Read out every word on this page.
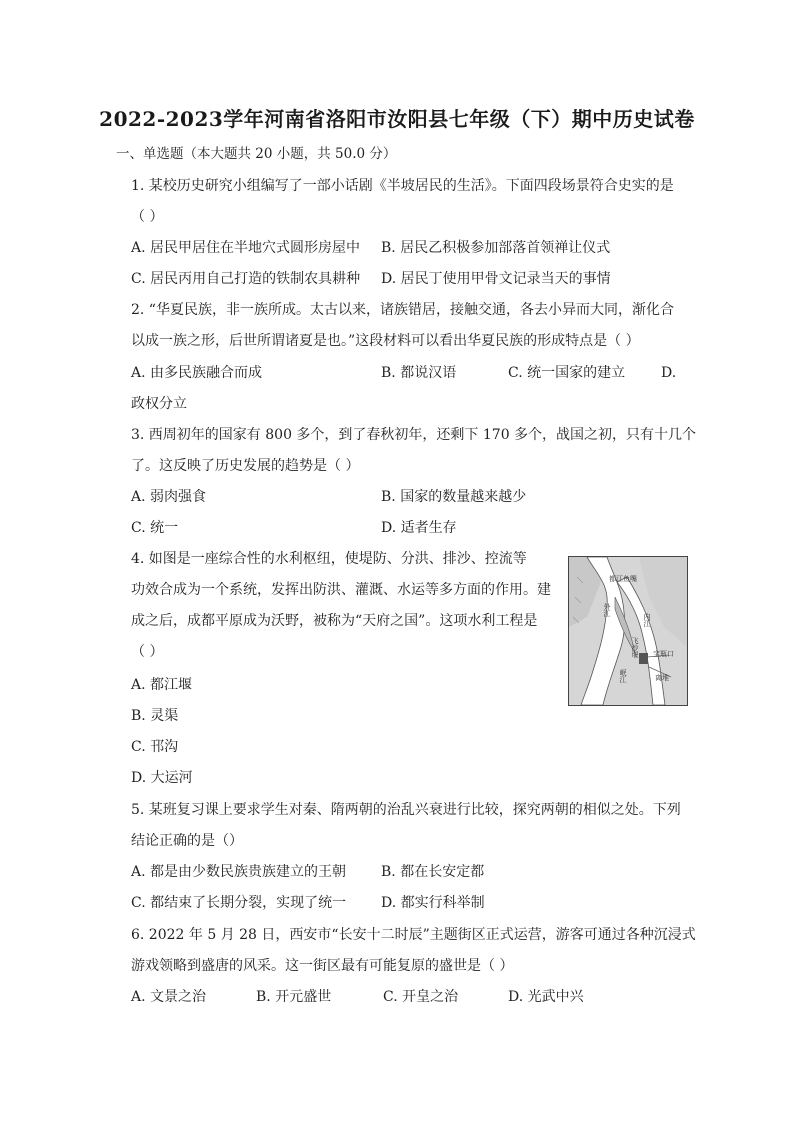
2022-2023学年河南省洛阳市汝阳县七年级（下）期中历史试卷
一、单选题（本大题共 20 小题，共 50.0 分）
1. 某校历史研究小组编写了一部小话剧《半坡居民的生活》。下面四段场景符合史实的是
（ ）
A. 居民甲居住在半地穴式圆形房屋中 B. 居民乙积极参加部落首领禅让仪式
C. 居民丙用自己打造的铁制农具耕种 D. 居民丁使用甲骨文记录当天的事情
2. “华夏民族，非一族所成。太古以来，诸族错居，接触交通，各去小异而大同，渐化合
以成一族之形，后世所谓诸夏是也。”这段材料可以看出华夏民族的形成特点是（ ）
A. 由多民族融合而成	B. 都说汉语	C. 统一国家的建立	D.
政权分立
3. 西周初年的国家有 800 多个，到了春秋初年，还剩下 170 多个，战国之初，只有十几个
了。这反映了历史发展的趋势是（ ）
A. 弱肉强食	B. 国家的数量越来越少
C. 统一	D. 适者生存
4. 如图是一座综合性的水利枢纽，使堤防、分洪、排沙、控流等
功效合成为一个系统，发挥出防洪、灌溉、水运等多方面的作用。建
成之后，成都平原成为沃野，被称为“天府之国”。这项水利工程是
（ ）
A. 都江堰
B. 灵渠
C. 邗沟
D. 大运河
都江鱼嘴
外江
内江
宝瓶口
离堆
岷江
飞沙堰
5. 某班复习课上要求学生对秦、隋两朝的治乱兴衰进行比较，探究两朝的相似之处。下列
结论正确的是（）
A. 都是由少数民族贵族建立的王朝 B. 都在长安定都
C. 都结束了长期分裂，实现了统一 D. 都实行科举制
6. 2022 年 5 月 28 日，西安市“长安十二时辰”主题街区正式运营，游客可通过各种沉浸式
游戏领略到盛唐的风采。这一街区最有可能复原的盛世是（ ）
A. 文景之治	B. 开元盛世	C. 开皇之治	D. 光武中兴
